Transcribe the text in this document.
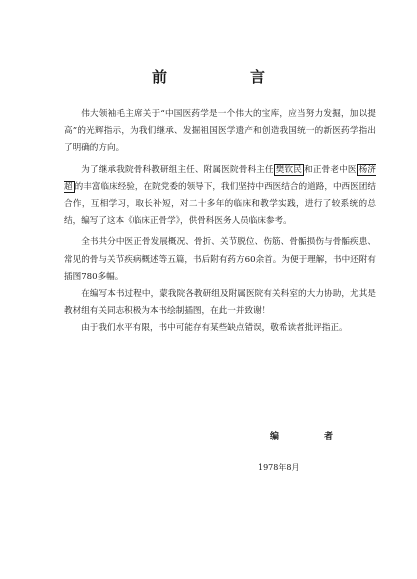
前　言

伟大领袖毛主席关于“中国医药学是一个伟大的宝库，应当努力发掘，加以提高”的光辉指示，为我们继承、发掘祖国医学遗产和创造我国统一的新医药学指出了明确的方向。

为了继承我院骨科教研组主任、附属医院骨科主任 樊钦民 和正骨老中医 杨济超 的丰富临床经验，在院党委的领导下，我们坚持中西医结合的道路，中西医团结合作，互相学习，取长补短，对二十多年的临床和教学实践，进行了较系统的总结，编写了这本《临床正骨学》，供骨科医务人员临床参考。

全书共分中医正骨发展概况、骨折、关节脱位、伤筋、骨骺损伤与骨骺疾患、常见的骨与关节疾病概述等五篇，书后附有药方60余首。为便于理解，书中还附有插图780多幅。

在编写本书过程中，蒙我院各教研组及附属医院有关科室的大力协助，尤其是教材组有关同志积极为本书绘制插图，在此一并致谢！

由于我们水平有限，书中可能存有某些缺点错误，敬希读者批评指正。

编　者
1978年8月
